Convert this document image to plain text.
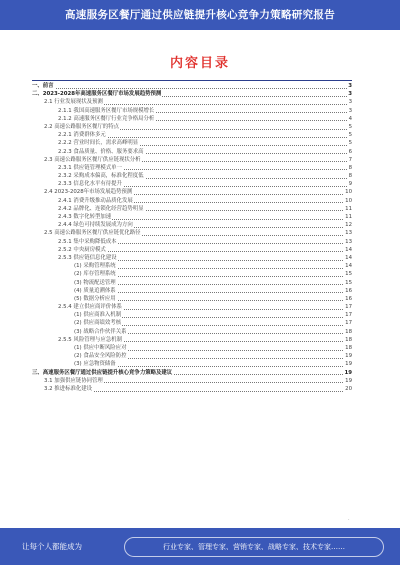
高速服务区餐厅通过供应链提升核心竞争力策略研究报告
内容目录
一、前言	3
二、2023-2028年高速服务区餐厅市场发展趋势预测	3
2.1 行业发展现状及预测	3
2.1.1 我国高速服务区餐厅市场规模增长	3
2.1.2 高速服务区餐厅行业竞争格局分析	4
2.2 高速公路服务区餐厅的特点	5
2.2.1 消费群体多元	5
2.2.2 营业时间长，需求高峰明显	5
2.2.3 食品质量、价格、服务要求高	6
2.3 高速公路服务区餐厅供应链现状分析	7
2.3.1 供应链管理模式单一	8
2.3.2 采购成本偏高，标准化程度低	8
2.3.3 信息化水平有待提升	9
2.4 2023-2028年市场发展趋势预测	10
2.4.1 消费升级推动品质化发展	10
2.4.2 品牌化、连锁化经营趋势明显	11
2.4.3 数字化转型加速	11
2.4.4 绿色可持续发展成为方向	12
2.5 高速公路服务区餐厅供应链优化路径	13
2.5.1 集中采购降低成本	13
2.5.2 中央厨房模式	14
2.5.3 供应链信息化建设	14
(1) 采购管理系统	14
(2) 库存管理系统	15
(3) 物流配送管理	15
(4) 质量追溯体系	16
(5) 数据分析应用	16
2.5.4 建立供应商评价体系	17
(1) 供应商准入机制	17
(2) 供应商绩效考核	17
(3) 战略合作伙伴关系	18
2.5.5 风险管理与应急机制	18
(1) 供应中断风险应对	18
(2) 食品安全风险防控	19
(3) 应急物资储备	19
三、高速服务区餐厅通过供应链提升核心竞争力策略及建议	19
3.1 加强供应链协同管理	19
3.2 推进标准化建设	20
·
让每个人都能成为	行业专家、管理专家、营销专家、战略专家、技术专家……
